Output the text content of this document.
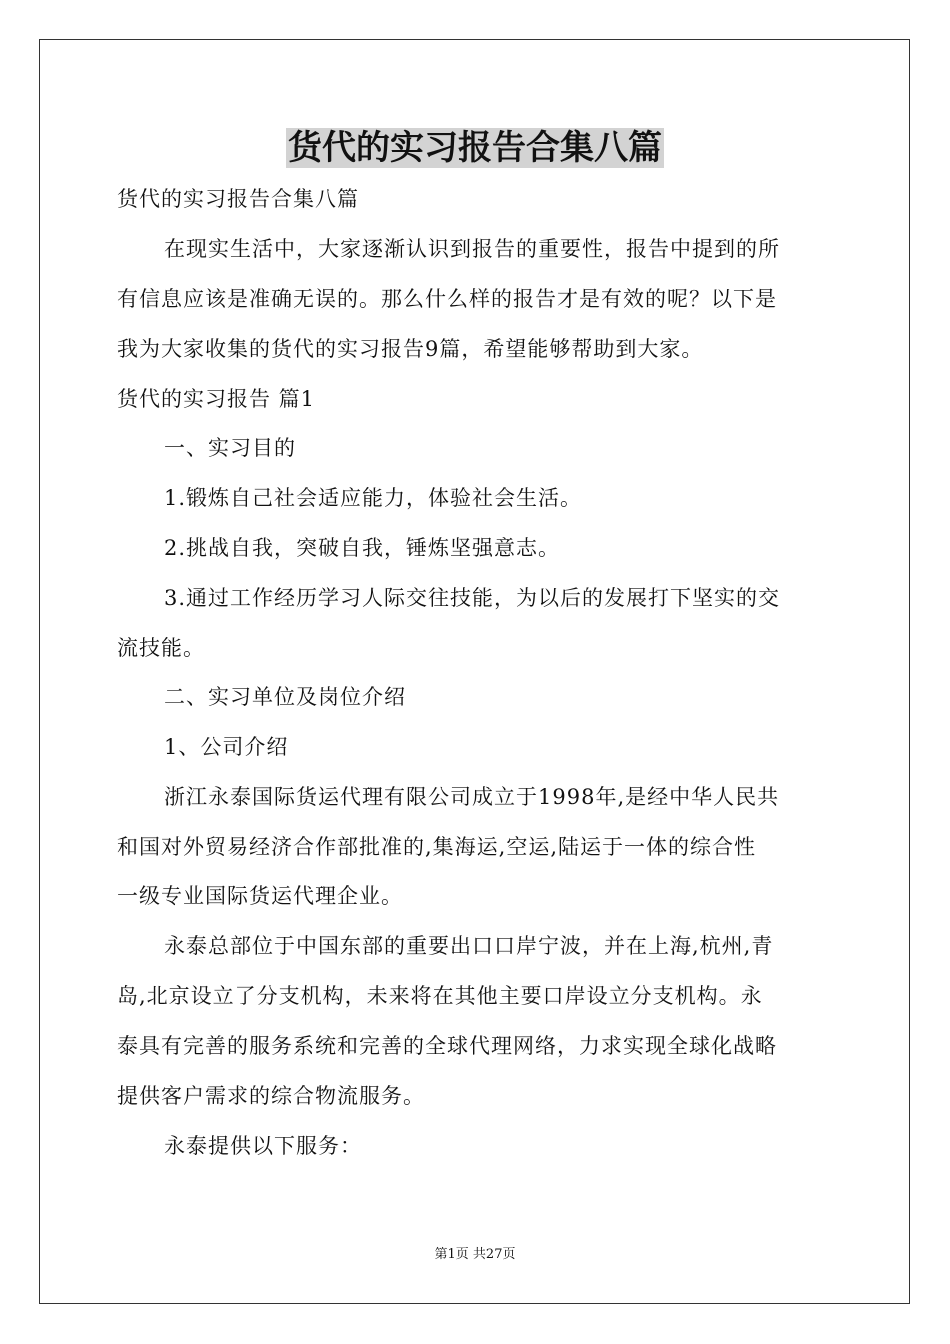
货代的实习报告合集八篇
货代的实习报告合集八篇
在现实生活中，大家逐渐认识到报告的重要性，报告中提到的所
有信息应该是准确无误的。那么什么样的报告才是有效的呢？以下是
我为大家收集的货代的实习报告9篇，希望能够帮助到大家。
货代的实习报告 篇1
一、实习目的
1.锻炼自己社会适应能力，体验社会生活。
2.挑战自我，突破自我，锤炼坚强意志。
3.通过工作经历学习人际交往技能，为以后的发展打下坚实的交
流技能。
二、实习单位及岗位介绍
1、公司介绍
浙江永泰国际货运代理有限公司成立于1998年,是经中华人民共
和国对外贸易经济合作部批准的,集海运,空运,陆运于一体的综合性
一级专业国际货运代理企业。
永泰总部位于中国东部的重要出口口岸宁波，并在上海,杭州,青
岛,北京设立了分支机构，未来将在其他主要口岸设立分支机构。永
泰具有完善的服务系统和完善的全球代理网络，力求实现全球化战略
提供客户需求的综合物流服务。
永泰提供以下服务：
第1页 共27页
